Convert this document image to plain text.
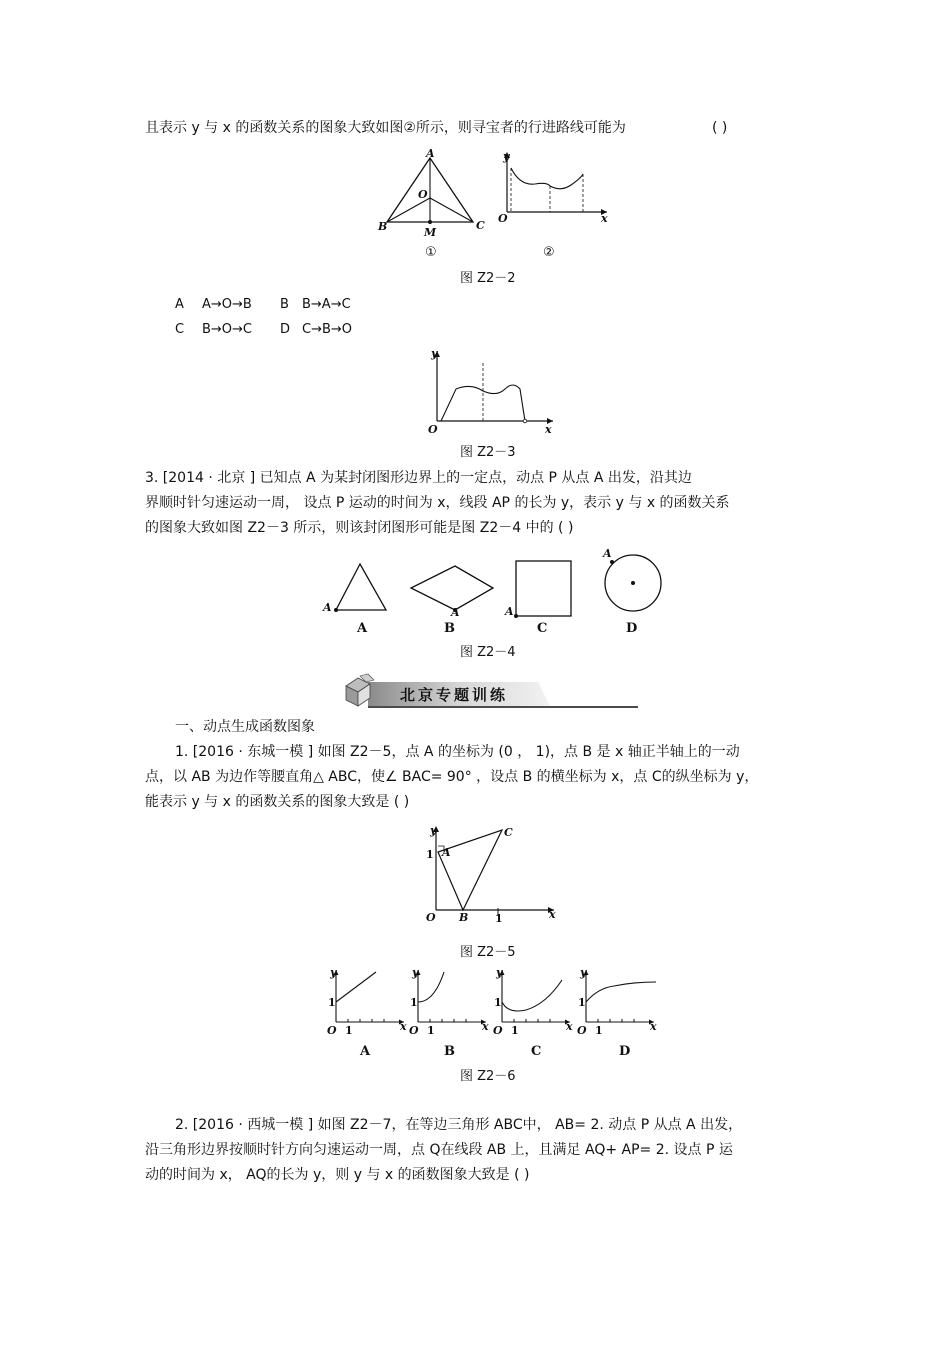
且表示 y 与 x 的函数关系的图象大致如图②所示，则寻宝者的行进路线可能为	( )
A
O
B	C
M
y
x
O
①	②
图 Z2－2
A A→O→B B B→A→C
C B→O→C D C→B→O
y
x
O
图 Z2－3
3. [2014 · 北京 ] 已知点 A 为某封闭图形边界上的一定点，动点 P 从点 A 出发，沿其边
界顺时针匀速运动一周， 设点 P 运动的时间为 x，线段 AP 的长为 y，表示 y 与 x 的函数关系
的图象大致如图 Z2－3 所示，则该封闭图形可能是图 Z2－4 中的 ( )
A	A	A
A
A	B	C	D
图 Z2－4
北京专题训练
一、动点生成函数图象
1. [2016 · 东城一模 ] 如图 Z2－5，点 A 的坐标为 (0 ， 1)，点 B 是 x 轴正半轴上的一动
点，以 AB 为边作等腰直角△ ABC，使∠ BAC= 90° ，设点 B 的横坐标为 x，点 C的纵坐标为 y，
能表示 y 与 x 的函数关系的图象大致是 ( )
y
A
C
1
O B 1	x
图 Z2－5
y
1
O 1	x
y
1
O 1	x
y
1
O 1	x
y
1
O 1	x
A	B	C	D
图 Z2－6
2. [2016 · 西城一模 ] 如图 Z2－7，在等边三角形 ABC中， AB= 2. 动点 P 从点 A 出发，
沿三角形边界按顺时针方向匀速运动一周，点 Q在线段 AB 上，且满足 AQ+ AP= 2. 设点 P 运
动的时间为 x， AQ的长为 y，则 y 与 x 的函数图象大致是 ( )
